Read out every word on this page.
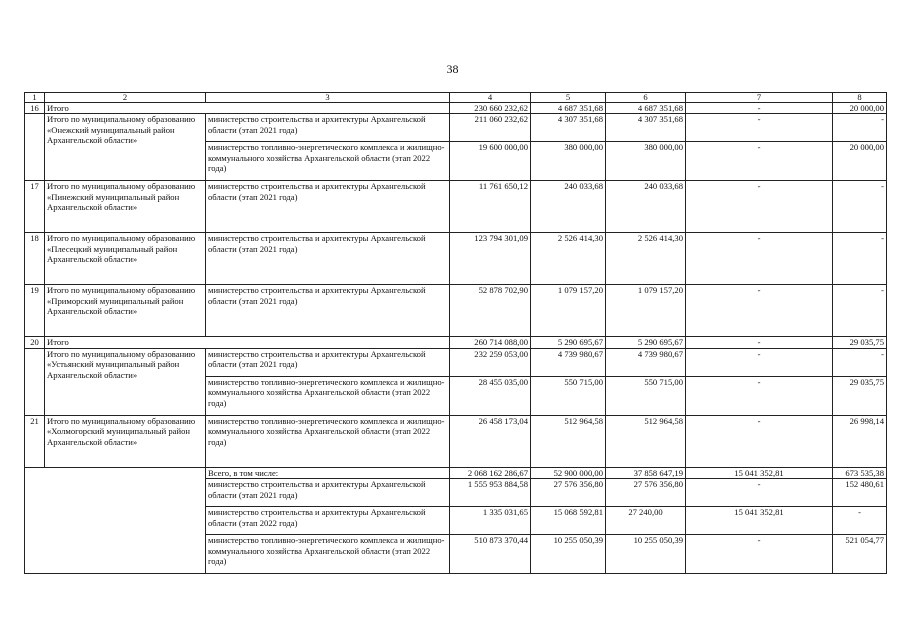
38
1	2	3	4	5	6	7	8
16	Итого		230 660 232,62	4 687 351,68	4 687 351,68	-	20 000,00
	Итого по муниципальному образованию «Онежский муниципальный район Архангельской области»	министерство строительства и архитектуры Архангельской области (этап 2021 года)	211 060 232,62	4 307 351,68	4 307 351,68	-	-
		министерство топливно-энергетического комплекса и жилищно-коммунального хозяйства Архангельской области (этап 2022 года)	19 600 000,00	380 000,00	380 000,00	-	20 000,00
17	Итого по муниципальному образованию «Пинежский муниципальный район Архангельской области»	министерство строительства и архитектуры Архангельской области (этап 2021 года)	11 761 650,12	240 033,68	240 033,68	-	-
18	Итого по муниципальному образованию «Плесецкий муниципальный район Архангельской области»	министерство строительства и архитектуры Архангельской области (этап 2021 года)	123 794 301,09	2 526 414,30	2 526 414,30	-	-
19	Итого по муниципальному образованию «Приморский муниципальный район Архангельской области»	министерство строительства и архитектуры Архангельской области (этап 2021 года)	52 878 702,90	1 079 157,20	1 079 157,20	-	-
20	Итого		260 714 088,00	5 290 695,67	5 290 695,67	-	29 035,75
	Итого по муниципальному образованию «Устьянский муниципальный район Архангельской области»	министерство строительства и архитектуры Архангельской области (этап 2021 года)	232 259 053,00	4 739 980,67	4 739 980,67	-	-
		министерство топливно-энергетического комплекса и жилищно-коммунального хозяйства Архангельской области (этап 2022 года)	28 455 035,00	550 715,00	550 715,00	-	29 035,75
21	Итого по муниципальному образованию «Холмогорский муниципальный район Архангельской области»	министерство топливно-энергетического комплекса и жилищно-коммунального хозяйства Архангельской области (этап 2022 года)	26 458 173,04	512 964,58	512 964,58	-	26 998,14
		Всего, в том числе:	2 068 162 286,67	52 900 000,00	37 858 647,19	15 041 352,81	673 535,38
		министерство строительства и архитектуры Архангельской области (этап 2021 года)	1 555 953 884,58	27 576 356,80	27 576 356,80	-	152 480,61
		министерство строительства и архитектуры Архангельской области (этап 2022 года)	1 335 031,65	15 068 592,81	27 240,00	15 041 352,81	-
		министерство топливно-энергетического комплекса и жилищно-коммунального хозяйства Архангельской области (этап 2022 года)	510 873 370,44	10 255 050,39	10 255 050,39	-	521 054,77
